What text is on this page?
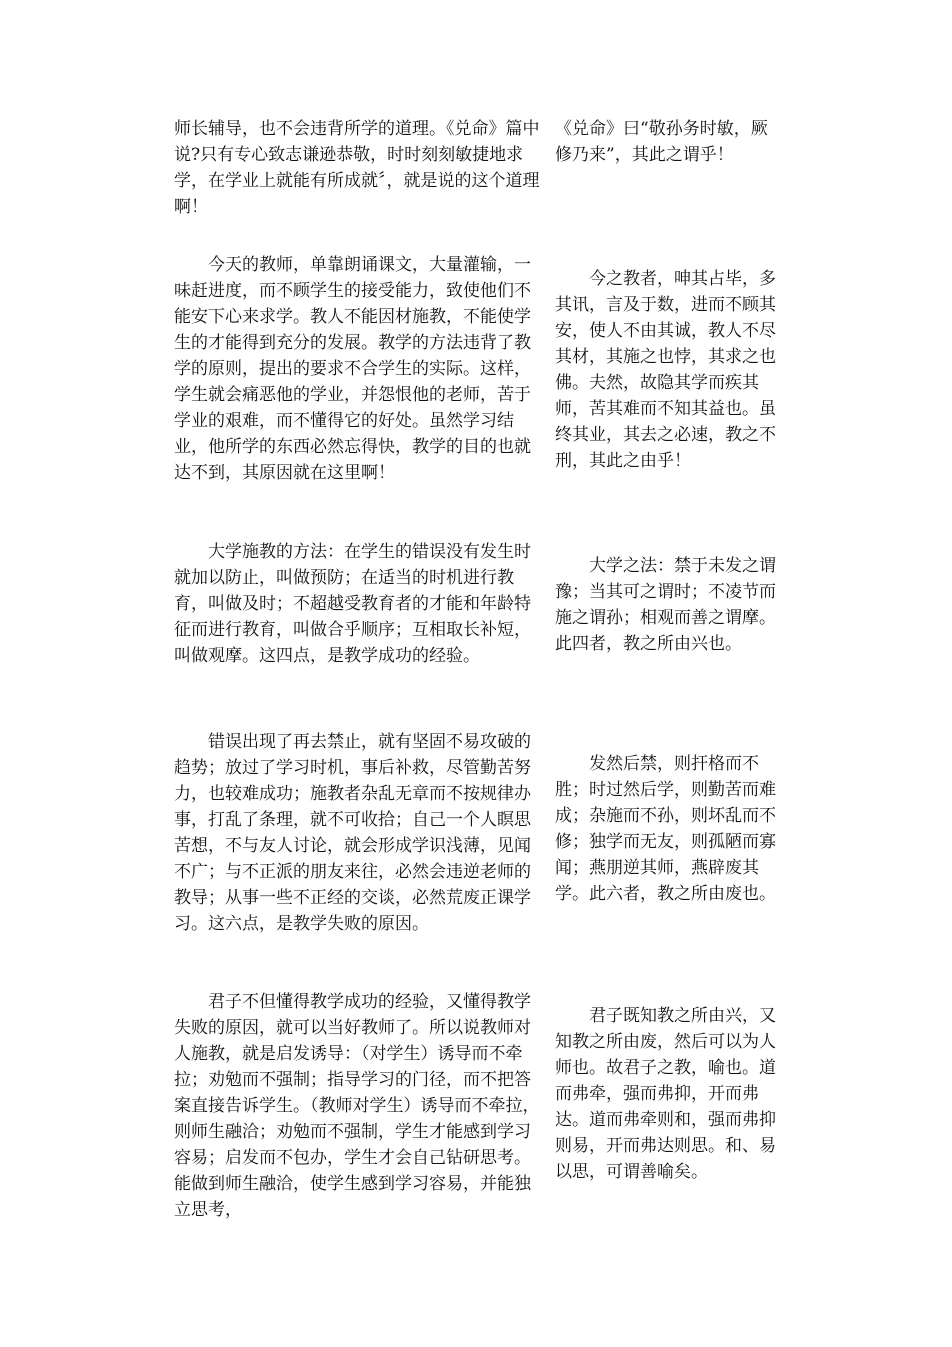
师长辅导，也不会违背所学的道理。《兑命》篇中说?只有专心致志谦逊恭敬，时时刻刻敏捷地求学，在学业上就能有所成就〞，就是说的这个道理啊！

《兑命》曰“敬孙务时敏，厥修乃来”，其此之谓乎！

今天的教师，单靠朗诵课文，大量灌输，一味赶进度，而不顾学生的接受能力，致使他们不能安下心来求学。教人不能因材施教，不能使学生的才能得到充分的发展。教学的方法违背了教学的原则，提出的要求不合学生的实际。这样，学生就会痛恶他的学业，并怨恨他的老师，苦于学业的艰难，而不懂得它的好处。虽然学习结业，他所学的东西必然忘得快，教学的目的也就达不到，其原因就在这里啊！

今之教者，呻其占毕，多其讯，言及于数，进而不顾其安，使人不由其诚，教人不尽其材，其施之也悖，其求之也佛。夫然，故隐其学而疾其师，苦其难而不知其益也。虽终其业，其去之必速，教之不刑，其此之由乎！

大学施教的方法：在学生的错误没有发生时就加以防止，叫做预防；在适当的时机进行教育，叫做及时；不超越受教育者的才能和年龄特征而进行教育，叫做合乎顺序；互相取长补短，叫做观摩。这四点，是教学成功的经验。

大学之法：禁于未发之谓豫；当其可之谓时；不凌节而施之谓孙；相观而善之谓摩。此四者，教之所由兴也。

错误出现了再去禁止，就有坚固不易攻破的趋势；放过了学习时机，事后补救，尽管勤苦努力，也较难成功；施教者杂乱无章而不按规律办事，打乱了条理，就不可收拾；自己一个人瞑思苦想，不与友人讨论，就会形成学识浅薄，见闻不广；与不正派的朋友来往，必然会违逆老师的教导；从事一些不正经的交谈，必然荒废正课学习。这六点，是教学失败的原因。

发然后禁，则扞格而不胜；时过然后学，则勤苦而难成；杂施而不孙，则坏乱而不修；独学而无友，则孤陋而寡闻；燕朋逆其师，燕辟废其学。此六者，教之所由废也。

君子不但懂得教学成功的经验，又懂得教学失败的原因，就可以当好教师了。所以说教师对人施教，就是启发诱导：（对学生）诱导而不牵拉；劝勉而不强制；指导学习的门径，而不把答案直接告诉学生。（教师对学生）诱导而不牵拉，则师生融洽；劝勉而不强制，学生才能感到学习容易；启发而不包办，学生才会自己钻研思考。能做到师生融洽，使学生感到学习容易，并能独立思考，

君子既知教之所由兴，又知教之所由废，然后可以为人师也。故君子之教，喻也。道而弗牵，强而弗抑，开而弗达。道而弗牵则和，强而弗抑则易，开而弗达则思。和、易以思，可谓善喻矣。
